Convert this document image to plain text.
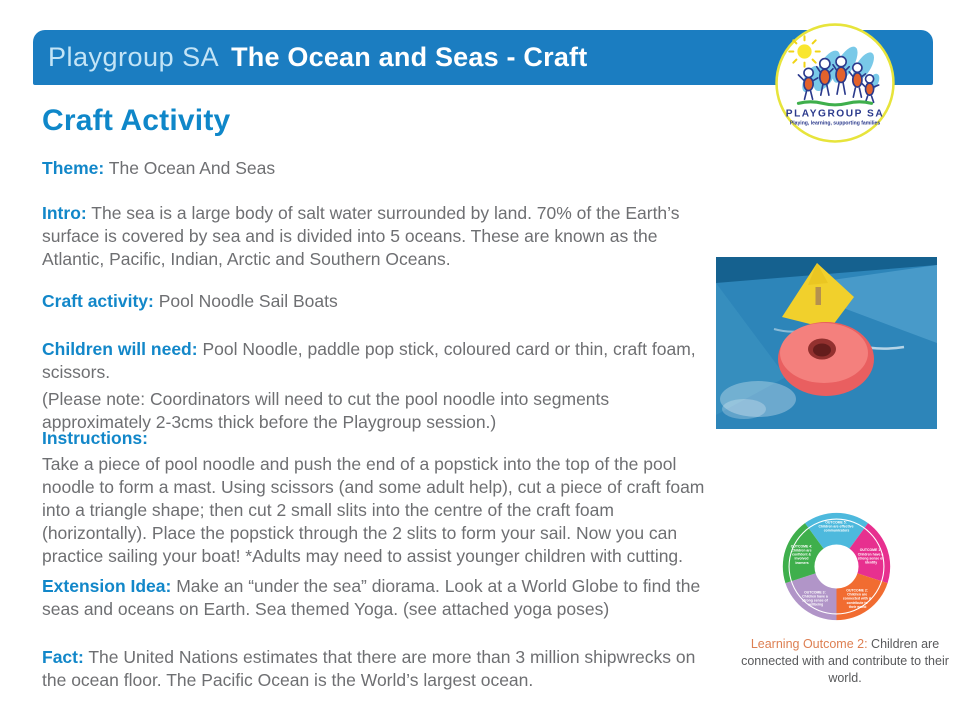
Playgroup SA The Ocean and Seas - Craft
PLAYGROUP SA
Playing, learning, supporting families
Craft Activity
Theme: The Ocean And Seas
Intro: The sea is a large body of salt water surrounded by land. 70% of the Earth’s surface is covered by sea and is divided into 5 oceans. These are known as the Atlantic, Pacific, Indian, Arctic and Southern Oceans.
Craft activity: Pool Noodle Sail Boats
Children will need: Pool Noodle, paddle pop stick, coloured card or thin, craft foam, scissors.
(Please note: Coordinators will need to cut the pool noodle into segments approximately 2-3cms thick before the Playgroup session.)
Instructions:
Take a piece of pool noodle and push the end of a popstick into the top of the pool noodle to form a mast. Using scissors (and some adult help), cut a piece of craft foam into a triangle shape; then cut 2 small slits into the centre of the craft foam (horizontally). Place the popstick through the 2 slits to form your sail. Now you can practice sailing your boat! *Adults may need to assist younger children with cutting.
Extension Idea: Make an “under the sea” diorama. Look at a World Globe to find the seas and oceans on Earth. Sea themed Yoga. (see attached yoga poses)
Fact: The United Nations estimates that there are more than 3 million shipwrecks on the ocean floor. The Pacific Ocean is the World’s largest ocean.
OUTCOME 5: Children are effective communicators
OUTCOME 1: Children have a strong sense of identity
OUTCOME 2: Children are connected with & contribute to their world
OUTCOME 3: Children have a strong sense of wellbeing
OUTCOME 4: Children are confident & involved learners
Learning Outcome 2: Children are connected with and contribute to their world.
